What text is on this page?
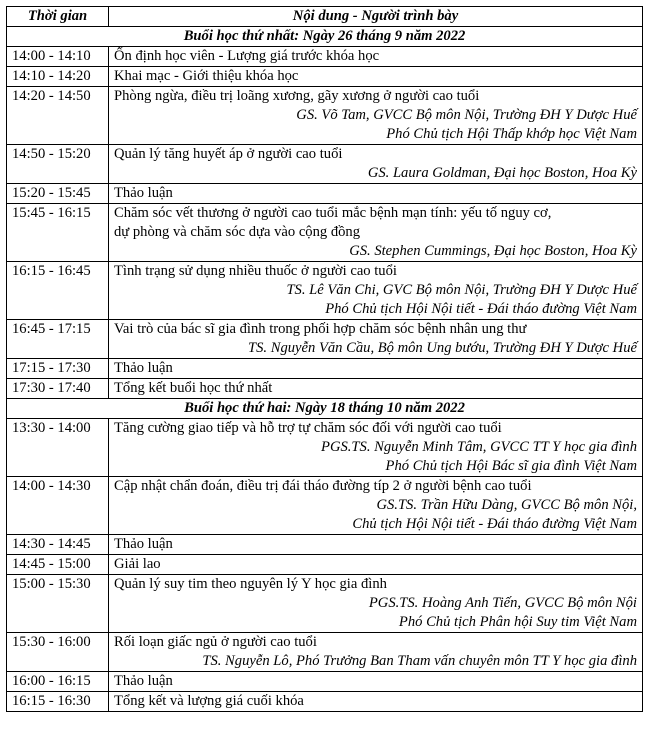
Thời gian	Nội dung - Người trình bày
Buổi học thứ nhất: Ngày 26 tháng 9 năm 2022	
14:00 - 14:10	Ổn định học viên - Lượng giá trước khóa học

14:10 - 14:20	Khai mạc - Giới thiệu khóa học

14:20 - 14:50	Phòng ngừa, điều trị loãng xương, gãy xương ở người cao tuổi
GS. Võ Tam, GVCC Bộ môn Nội, Trường ĐH Y Dược Huế
Phó Chủ tịch Hội Thấp khớp học Việt Nam

14:50 - 15:20	Quản lý tăng huyết áp ở người cao tuổi
GS. Laura Goldman, Đại học Boston, Hoa Kỳ

15:20 - 15:45	Thảo luận

15:45 - 16:15	Chăm sóc vết thương ở người cao tuổi mắc bệnh mạn tính: yếu tố nguy cơ,
dự phòng và chăm sóc dựa vào cộng đồng
GS. Stephen Cummings, Đại học Boston, Hoa Kỳ

16:15 - 16:45	Tình trạng sử dụng nhiều thuốc ở người cao tuổi
TS. Lê Văn Chi, GVC Bộ môn Nội, Trường ĐH Y Dược Huế
Phó Chủ tịch Hội Nội tiết - Đái tháo đường Việt Nam

16:45 - 17:15	Vai trò của bác sĩ gia đình trong phối hợp chăm sóc bệnh nhân ung thư
TS. Nguyễn Văn Cầu, Bộ môn Ung bướu, Trường ĐH Y Dược Huế

17:15 - 17:30	Thảo luận

17:30 - 17:40	Tổng kết buổi học thứ nhất

Buổi học thứ hai: Ngày 18 tháng 10 năm 2022	
13:30 - 14:00	Tăng cường giao tiếp và hỗ trợ tự chăm sóc đối với người cao tuổi
PGS.TS. Nguyễn Minh Tâm, GVCC TT Y học gia đình
Phó Chủ tịch Hội Bác sĩ gia đình Việt Nam

14:00 - 14:30	Cập nhật chẩn đoán, điều trị đái tháo đường típ 2 ở người bệnh cao tuổi
GS.TS. Trần Hữu Dàng, GVCC Bộ môn Nội,
Chủ tịch Hội Nội tiết - Đái tháo đường Việt Nam

14:30 - 14:45	Thảo luận

14:45 - 15:00	Giải lao

15:00 - 15:30	Quản lý suy tim theo nguyên lý Y học gia đình
PGS.TS. Hoàng Anh Tiến, GVCC Bộ môn Nội
Phó Chủ tịch Phân hội Suy tim Việt Nam

15:30 - 16:00	Rối loạn giấc ngủ ở người cao tuổi
TS. Nguyễn Lô, Phó Trưởng Ban Tham vấn chuyên môn TT Y học gia đình

16:00 - 16:15	Thảo luận

16:15 - 16:30	Tổng kết và lượng giá cuối khóa
